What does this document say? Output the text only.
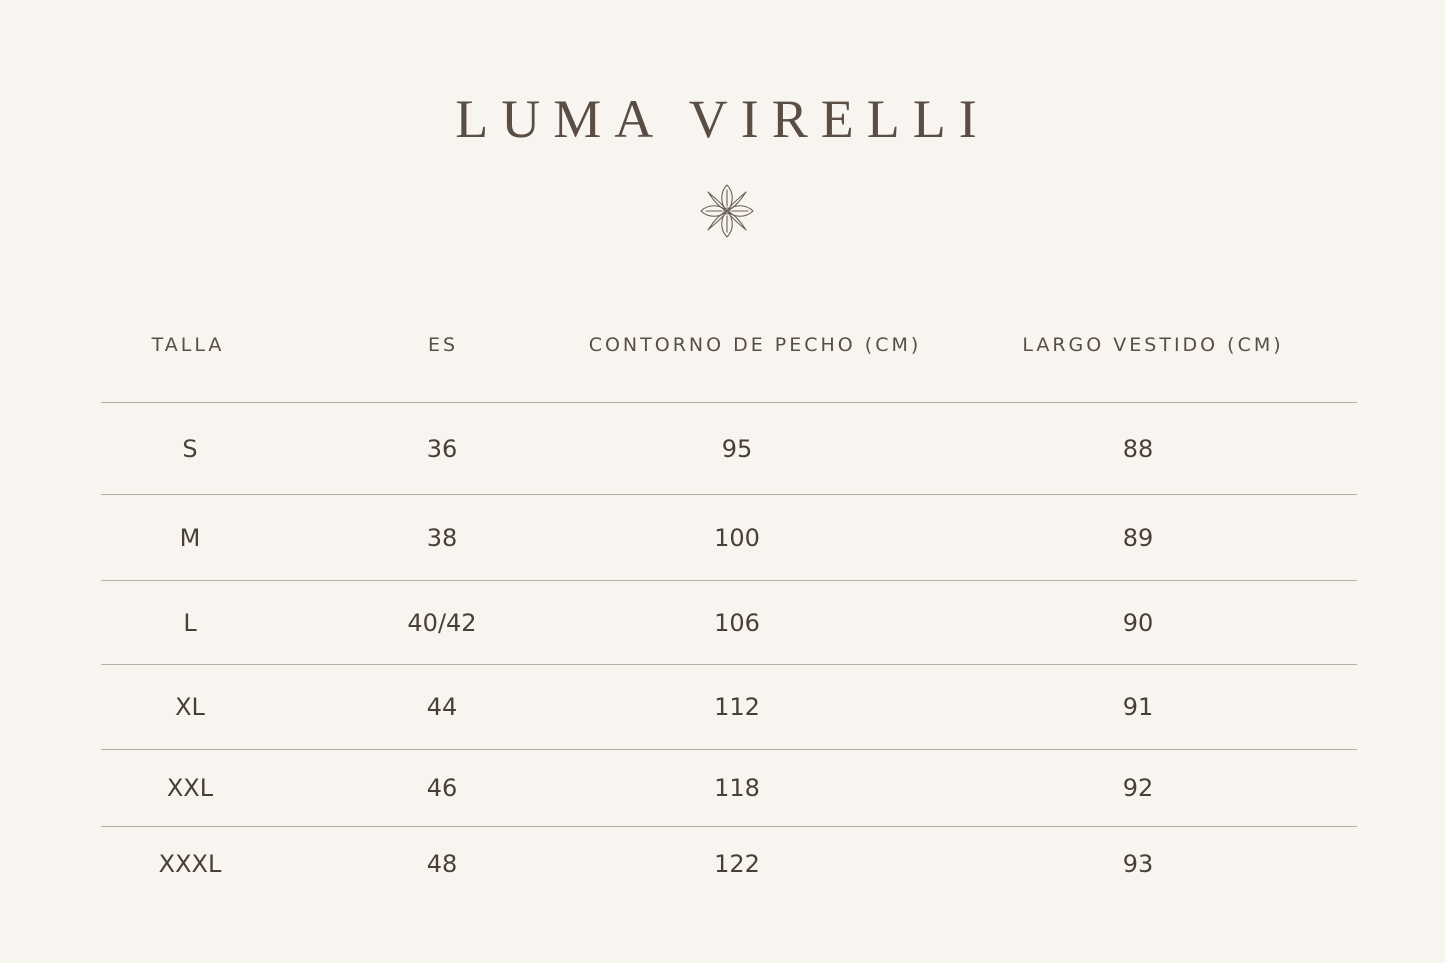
LUMA VIRELLI
TALLA	ES	CONTORNO DE PECHO (CM)	LARGO VESTIDO (CM)
S	36	95	88
M	38	100	89
L	40/42	106	90
XL	44	112	91
XXL	46	118	92
XXXL	48	122	93
